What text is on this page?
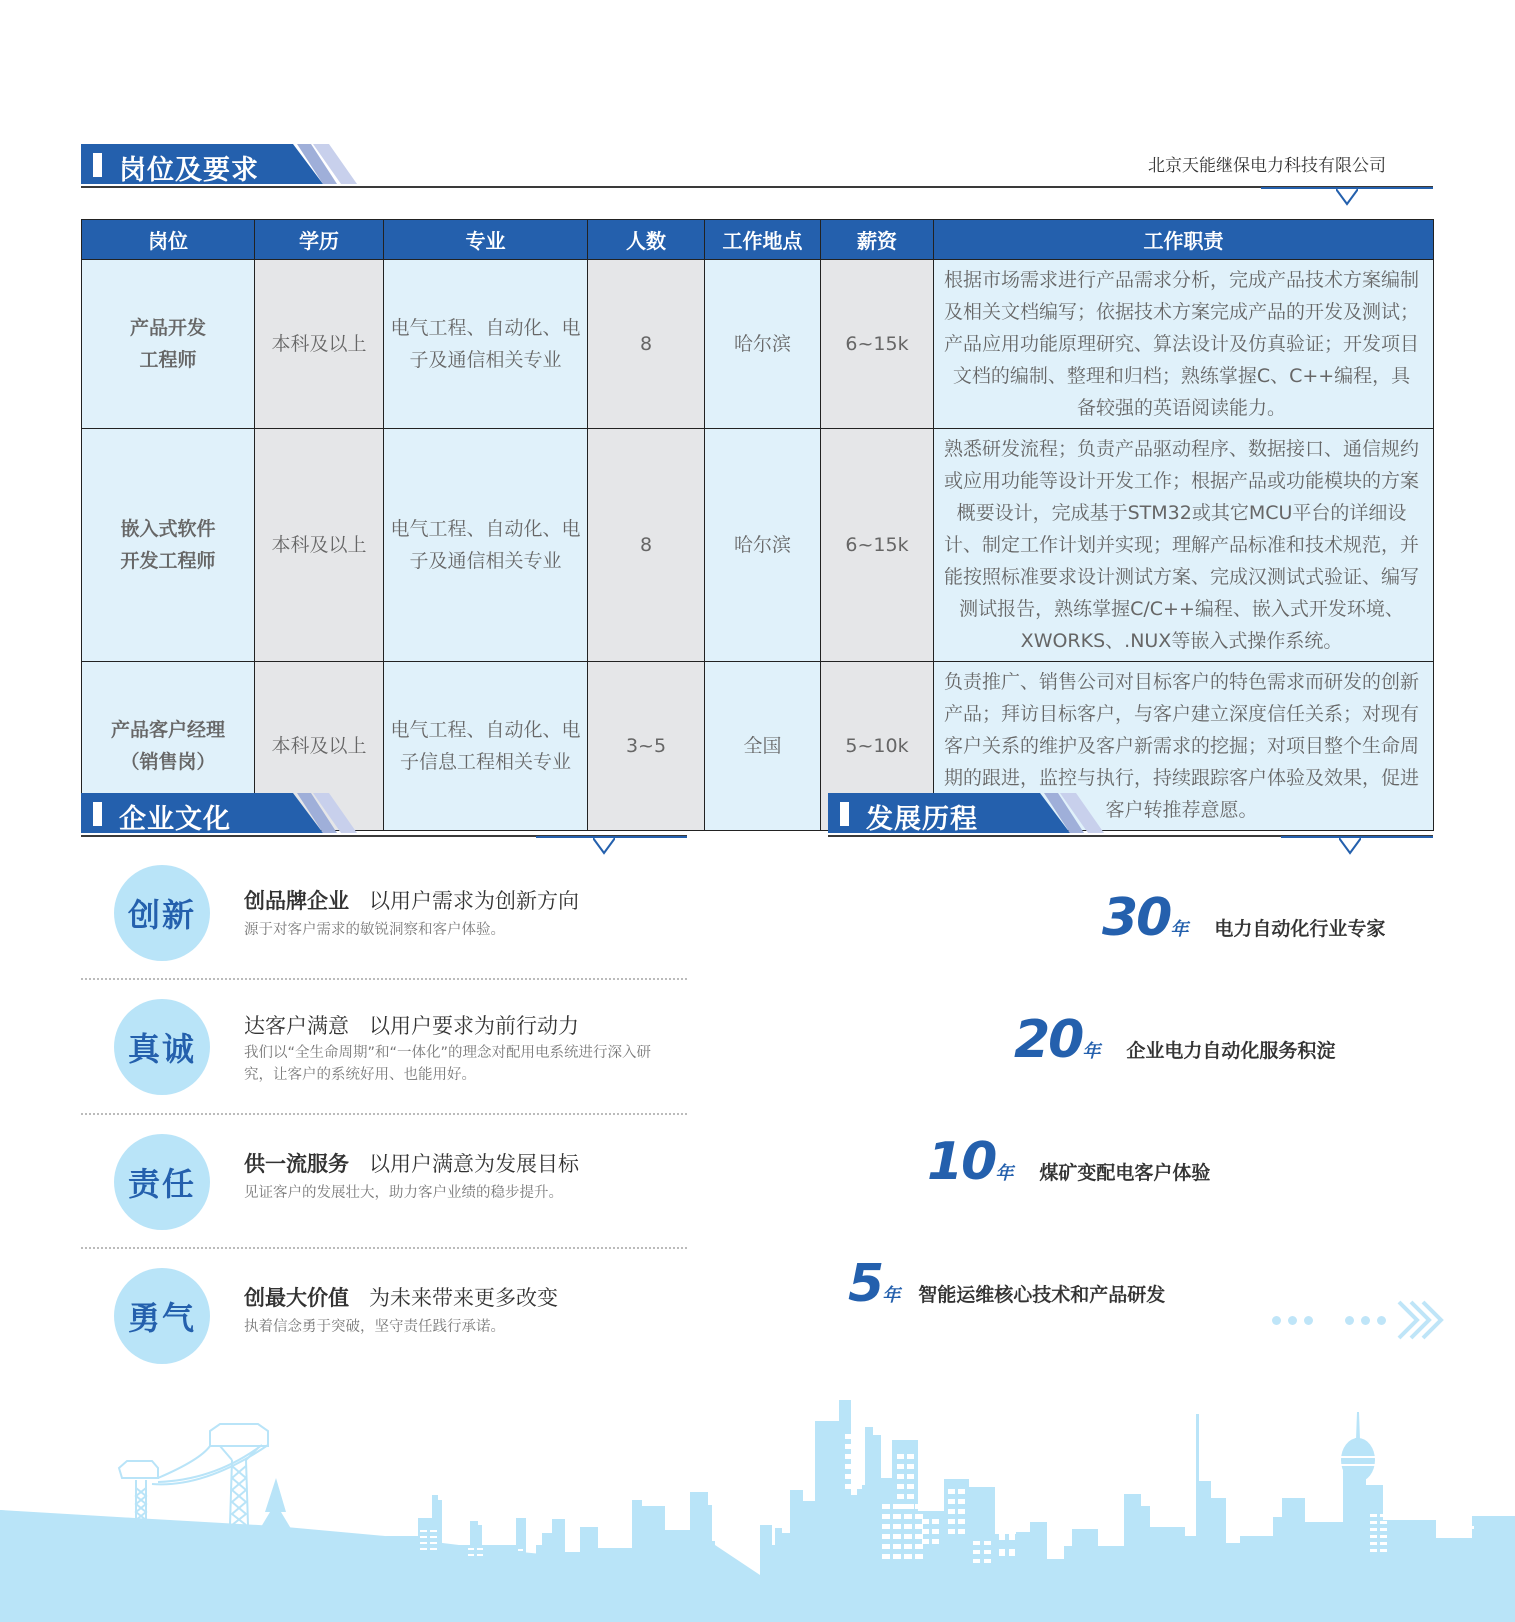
岗位及要求	北京天能继保电力科技有限公司
岗位	学历	专业	人数	工作地点	薪资	工作职责

产品开发
工程师	本科及以上	电气工程、自动化、电子及通信相关专业	8	哈尔滨	6~15k	根据市场需求进行产品需求分析，完成产品技术方案编制及相关文档编写；依据技术方案完成产品的开发及测试；产品应用功能原理研究、算法设计及仿真验证；开发项目文档的编制、整理和归档；熟练掌握C、C++编程，具备较强的英语阅读能力。

嵌入式软件
开发工程师	本科及以上	电气工程、自动化、电子及通信相关专业	8	哈尔滨	6~15k	熟悉研发流程；负责产品驱动程序、数据接口、通信规约或应用功能等设计开发工作；根据产品或功能模块的方案概要设计，完成基于STM32或其它MCU平台的详细设计、制定工作计划并实现；理解产品标准和技术规范，并能按照标准要求设计测试方案、完成汉测试式验证、编写测试报告，熟练掌握C/C++编程、嵌入式开发环境、XWORKS、.NUX等嵌入式操作系统。

产品客户经理
（销售岗）	本科及以上	电气工程、自动化、电子信息工程相关专业	3~5	全国	5~10k	负责推广、销售公司对目标客户的特色需求而研发的创新产品；拜访目标客户，与客户建立深度信任关系；对现有客户关系的维护及客户新需求的挖掘；对项目整个生命周期的跟进，监控与执行，持续跟踪客户体验及效果，促进客户转推荐意愿。
企业文化
创新	创品牌企业 以用户需求为创新方向
源于对客户需求的敏锐洞察和客户体验。
真诚
达客户满意 以用户要求为前行动力
我们以“全生命周期”和“一体化”的理念对配用电系统进行深入研究，让客户的系统好用、也能用好。
责任
供一流服务 以用户满意为发展目标
见证客户的发展壮大，助力客户业绩的稳步提升。
勇气
创最大价值 为未来带来更多改变
执着信念勇于突破，坚守责任践行承诺。
发展历程
30年 电力自动化行业专家
20年 企业电力自动化服务积淀
10年 煤矿变配电客户体验
5年 智能运维核心技术和产品研发
